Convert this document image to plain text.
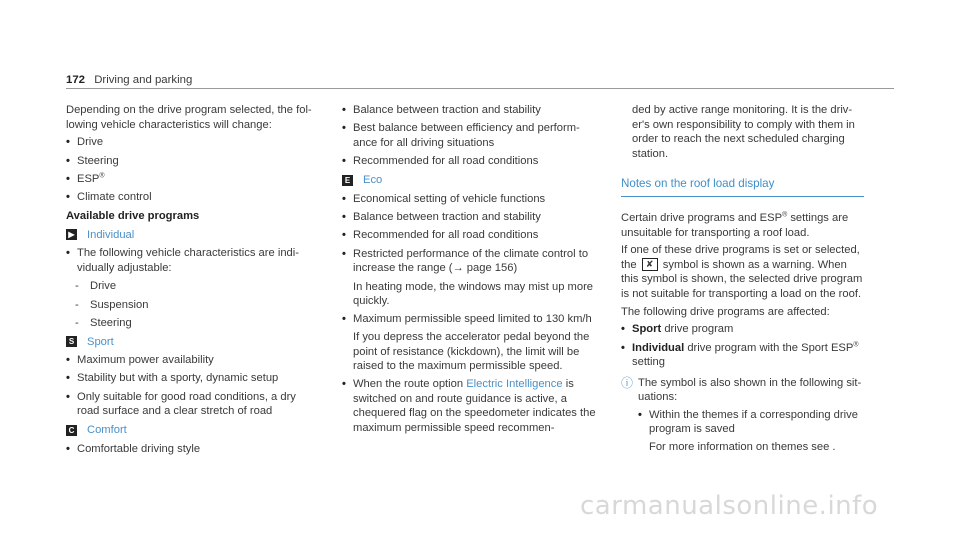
172 Driving and parking

Depending on the drive program selected, the fol-lowing vehicle characteristics will change:

• Drive

• Steering

• ESP®

• Climate control

Available drive programs

▶ Individual

• The following vehicle characteristics are indi-vidually adjustable:

- Drive

- Suspension

- Steering

S Sport

• Maximum power availability

• Stability but with a sporty, dynamic setup

• Only suitable for good road conditions, a dry road surface and a clear stretch of road

C Comfort

• Comfortable driving style

• Balance between traction and stability

• Best balance between efficiency and perform-ance for all driving situations

• Recommended for all road conditions

E Eco

• Economical setting of vehicle functions

• Balance between traction and stability

• Recommended for all road conditions

• Restricted performance of the climate control to increase the range (→ page 156)

In heating mode, the windows may mist up more quickly.

• Maximum permissible speed limited to 130 km/h

If you depress the accelerator pedal beyond the point of resistance (kickdown), the limit will be raised to the maximum permissible speed.

• When the route option Electric Intelligence is switched on and route guidance is active, a chequered flag on the speedometer indicates the maximum permissible speed recommen-

ded by active range monitoring. It is the driv-er's own responsibility to comply with them in order to reach the next scheduled charging station.

Notes on the roof load display

Certain drive programs and ESP® settings are unsuitable for transporting a roof load.

If one of these drive programs is set or selected, the ✘ symbol is shown as a warning. When this symbol is shown, the selected drive program is not suitable for transporting a load on the roof.

The following drive programs are affected:

• Sport drive program

• Individual drive program with the Sport ESP®
setting

ⓘ The symbol is also shown in the following sit-uations:

• Within the themes if a corresponding drive program is saved

For more information on themes see .

carmanualsonline.info
